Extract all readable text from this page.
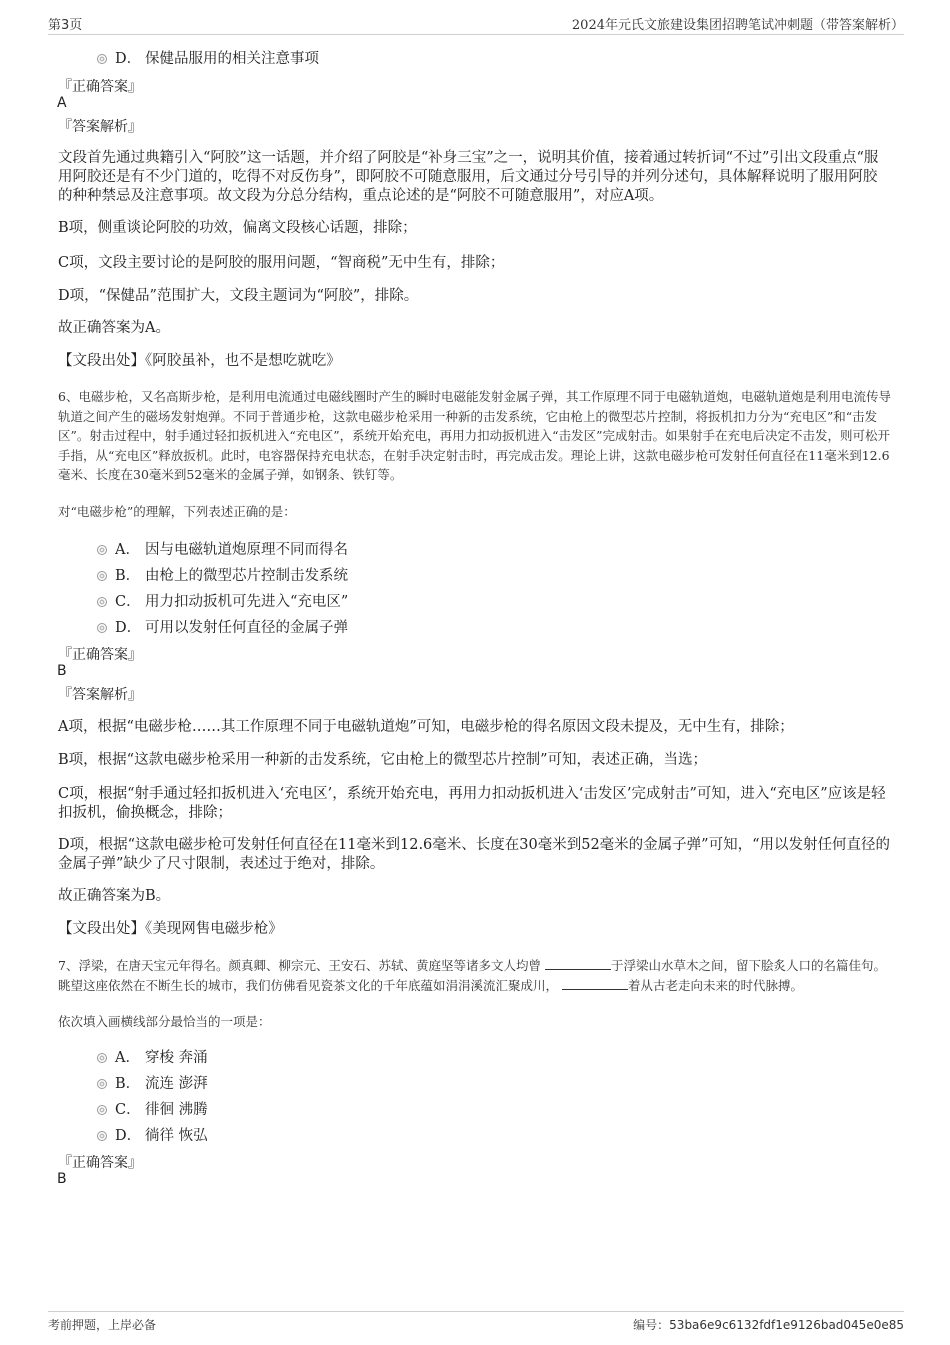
第3页	2024年元氏文旅建设集团招聘笔试冲刺题（带答案解析）
D． 保健品服用的相关注意事项
『正确答案』
A
『答案解析』
文段首先通过典籍引入“阿胶”这一话题，并介绍了阿胶是“补身三宝”之一，说明其价值，接着通过转折词“不过”引出文段重点“服用阿胶还是有不少门道的，吃得不对反伤身”，即阿胶不可随意服用，后文通过分号引导的并列分述句，具体解释说明了服用阿胶的种种禁忌及注意事项。故文段为分总分结构，重点论述的是“阿胶不可随意服用”，对应A项。
B项，侧重谈论阿胶的功效，偏离文段核心话题，排除；
C项，文段主要讨论的是阿胶的服用问题，“智商税”无中生有，排除；
D项，“保健品”范围扩大，文段主题词为“阿胶”，排除。
故正确答案为A。
【文段出处】《阿胶虽补，也不是想吃就吃》
6、电磁步枪，又名高斯步枪，是利用电流通过电磁线圈时产生的瞬时电磁能发射金属子弹，其工作原理不同于电磁轨道炮，电磁轨道炮是利用电流传导轨道之间产生的磁场发射炮弹。不同于普通步枪，这款电磁步枪采用一种新的击发系统，它由枪上的微型芯片控制，将扳机扣力分为“充电区”和“击发区”。射击过程中，射手通过轻扣扳机进入“充电区”，系统开始充电，再用力扣动扳机进入“击发区”完成射击。如果射手在充电后决定不击发，则可松开手指，从“充电区”释放扳机。此时，电容器保持充电状态，在射手决定射击时，再完成击发。理论上讲，这款电磁步枪可发射任何直径在11毫米到12.6毫米、长度在30毫米到52毫米的金属子弹，如钢条、铁钉等。
对“电磁步枪”的理解，下列表述正确的是：
A． 因与电磁轨道炮原理不同而得名
B． 由枪上的微型芯片控制击发系统
C． 用力扣动扳机可先进入“充电区”
D． 可用以发射任何直径的金属子弹
『正确答案』
B
『答案解析』
A项，根据“电磁步枪……其工作原理不同于电磁轨道炮”可知，电磁步枪的得名原因文段未提及，无中生有，排除；
B项，根据“这款电磁步枪采用一种新的击发系统，它由枪上的微型芯片控制”可知，表述正确，当选；
C项，根据“射手通过轻扣扳机进入‘充电区’，系统开始充电，再用力扣动扳机进入‘击发区’完成射击”可知，进入“充电区”应该是轻扣扳机，偷换概念，排除；
D项，根据“这款电磁步枪可发射任何直径在11毫米到12.6毫米、长度在30毫米到52毫米的金属子弹”可知，“用以发射任何直径的金属子弹”缺少了尺寸限制，表述过于绝对，排除。
故正确答案为B。
【文段出处】《美现网售电磁步枪》
7、浮梁，在唐天宝元年得名。颜真卿、柳宗元、王安石、苏轼、黄庭坚等诸多文人均曾	于浮梁山水草木之间，留下脍炙人口的名篇佳句。眺望这座依然在不断生长的城市，我们仿佛看见瓷茶文化的千年底蕴如涓涓溪流汇聚成川，	着从古老走向未来的时代脉搏。
依次填入画横线部分最恰当的一项是：
A． 穿梭 奔涌
B． 流连 澎湃
C． 徘徊 沸腾
D． 徜徉 恢弘
『正确答案』
B
考前押题，上岸必备	编号：53ba6e9c6132fdf1e9126bad045e0e85
